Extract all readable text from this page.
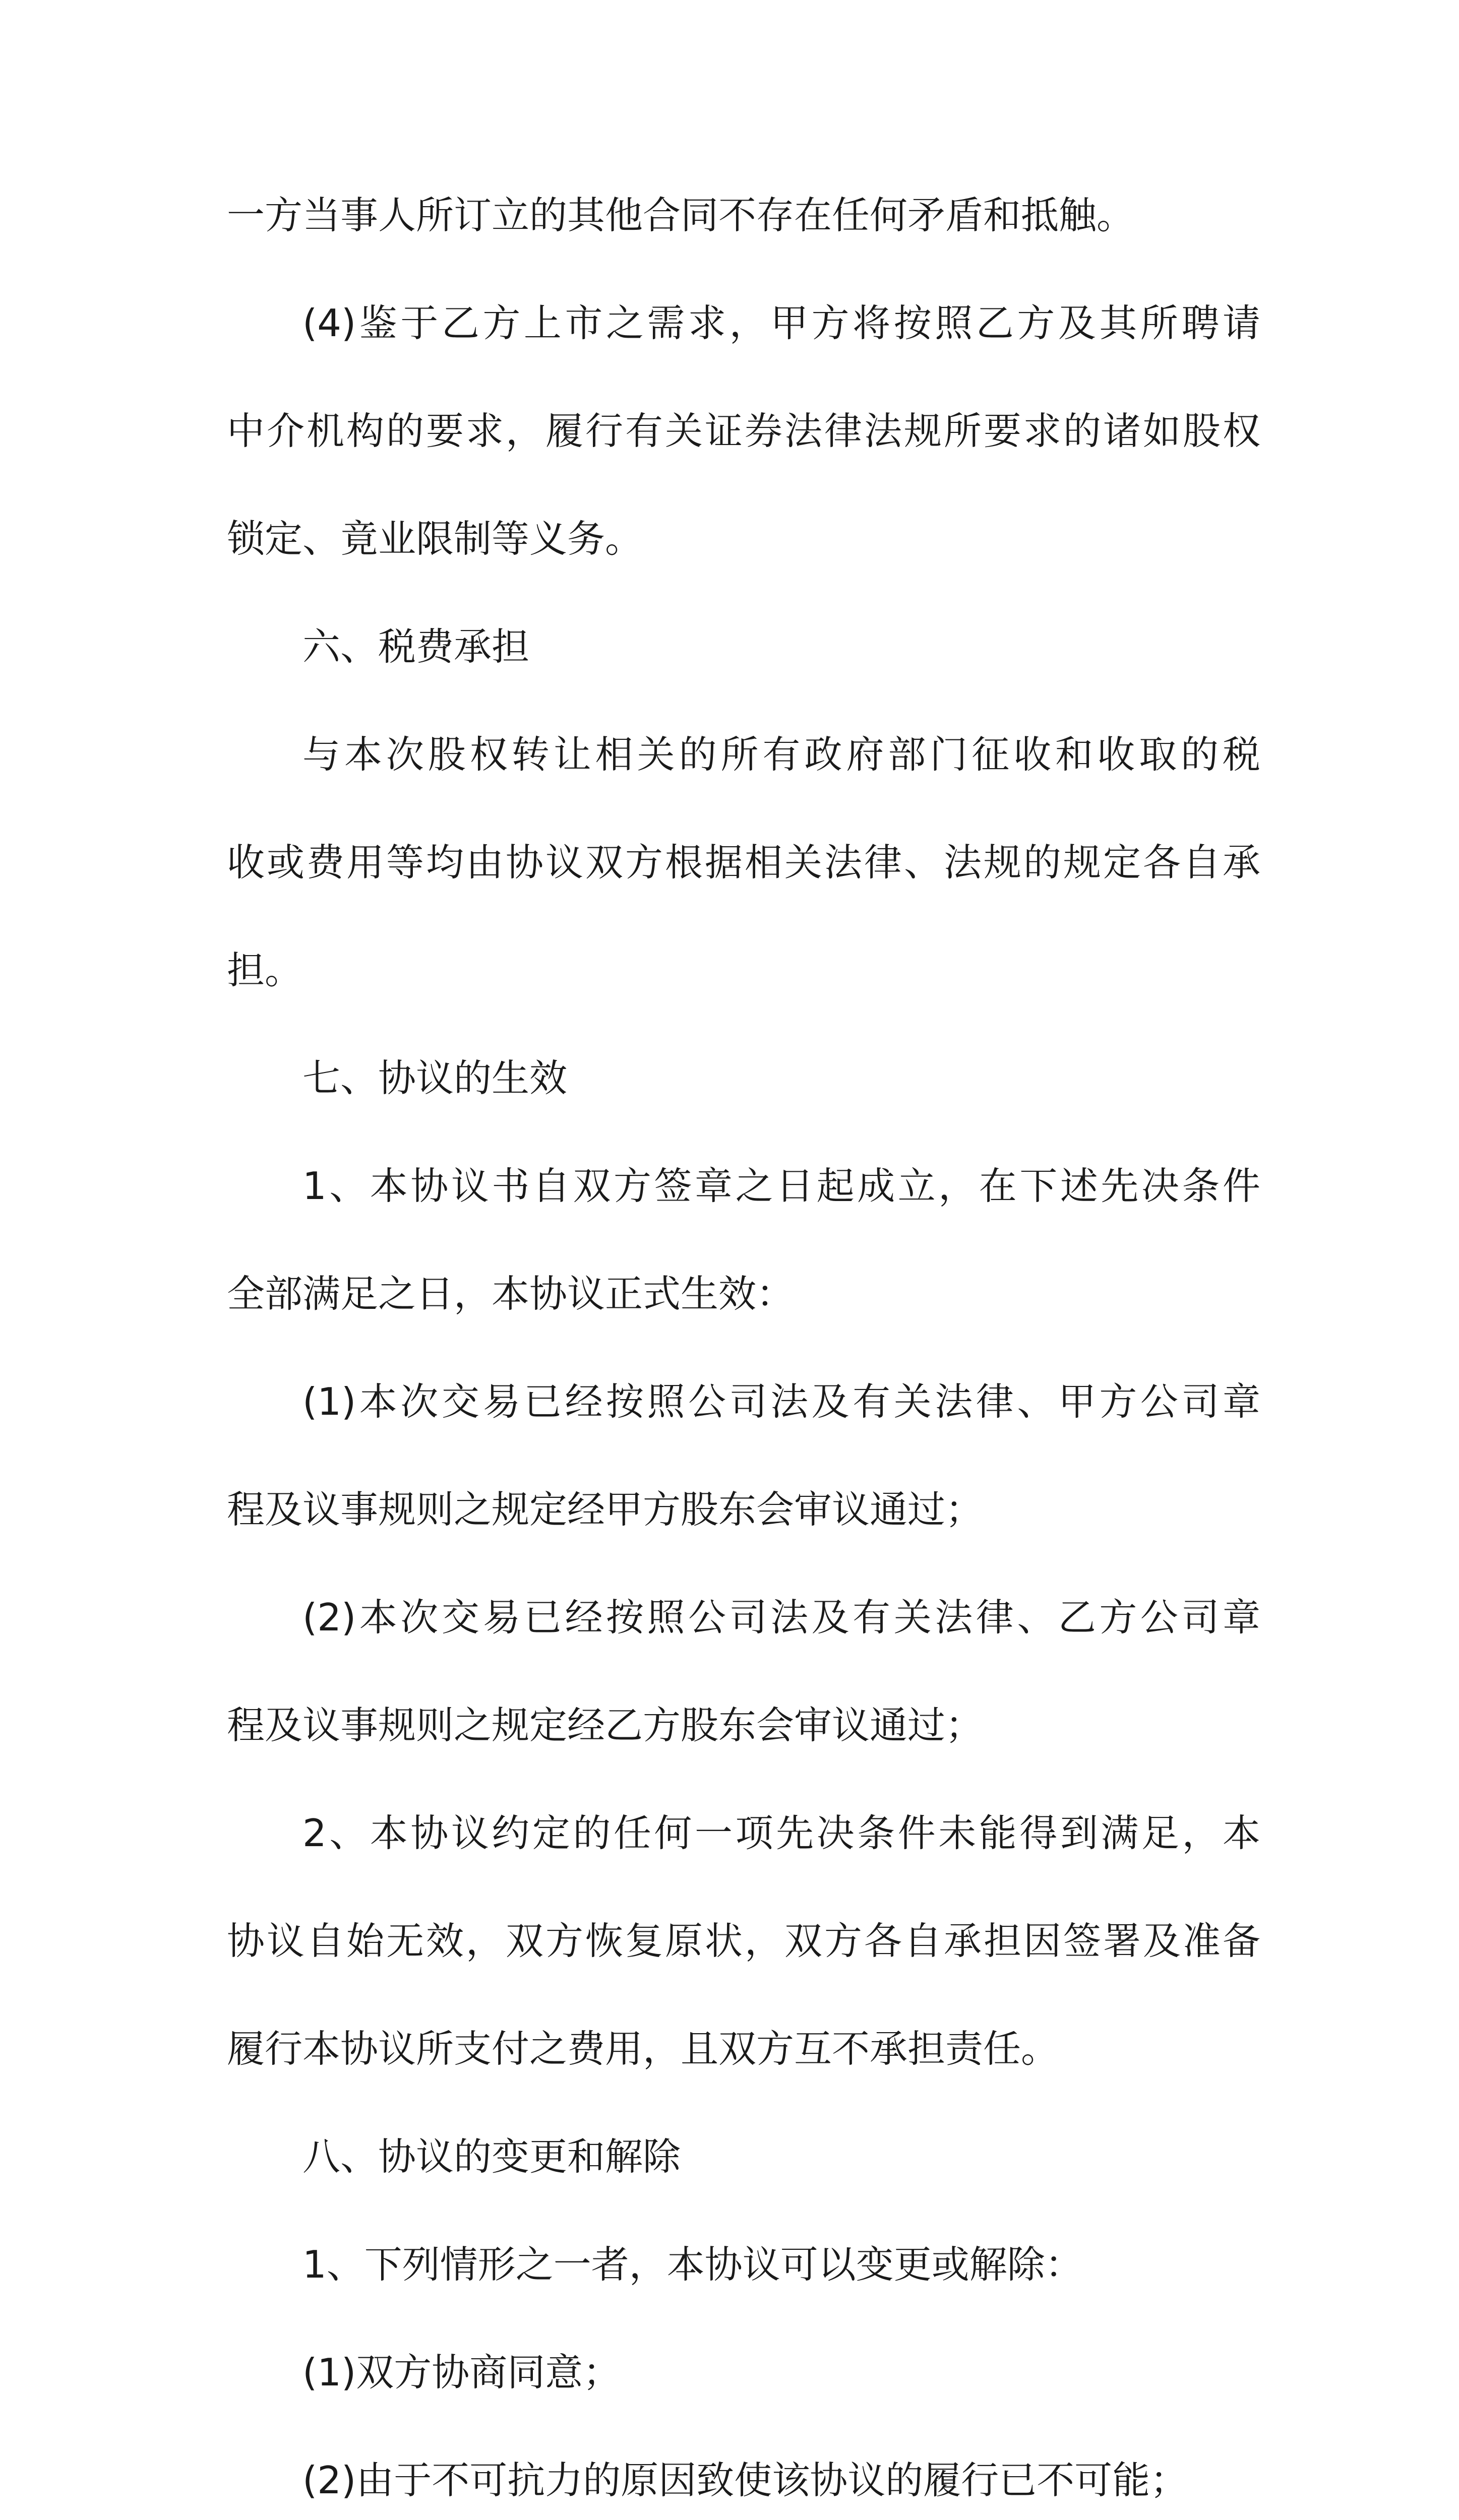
一方当事人所订立的其他合同不存在任何矛盾和抵触。

(4)鉴于乙方上市之需求，甲方将按照乙方及其所聘请

中介机构的要求，履行有关证券法律法规所要求的诸如股权

锁定、竟业限制等义务。

六、税费承担

与本次股权转让相关的所有政府部门征收和收取的税

收或费用等均由协议双方根据相关法律、法规的规定各自承

担。

七、协议的生效

1、本协议书自双方签章之日起成立，在下述先决条件

全部满足之日，本协议正式生效：

(1)本次交易已经按照公司法及有关法律、甲方公司章

程及议事规则之规定经甲方股东会审议通过；

(2)本次交易已经按照公司法及有关法律、乙方公司章

程及议事规则之规定经乙方股东会审议通过；

2、本协议约定的任何一项先决条件未能得到满足，本

协议自始无效，双方恢复原状，双方各自承担因签署及准备

履行本协议所支付之费用，且双方互不承担责任。

八、协议的变更和解除

1、下列情形之一者，本协议可以变更或解除：

(1)双方协商同意；

(2)由于不可抗力的原因致使该协议的履行已不可能；
